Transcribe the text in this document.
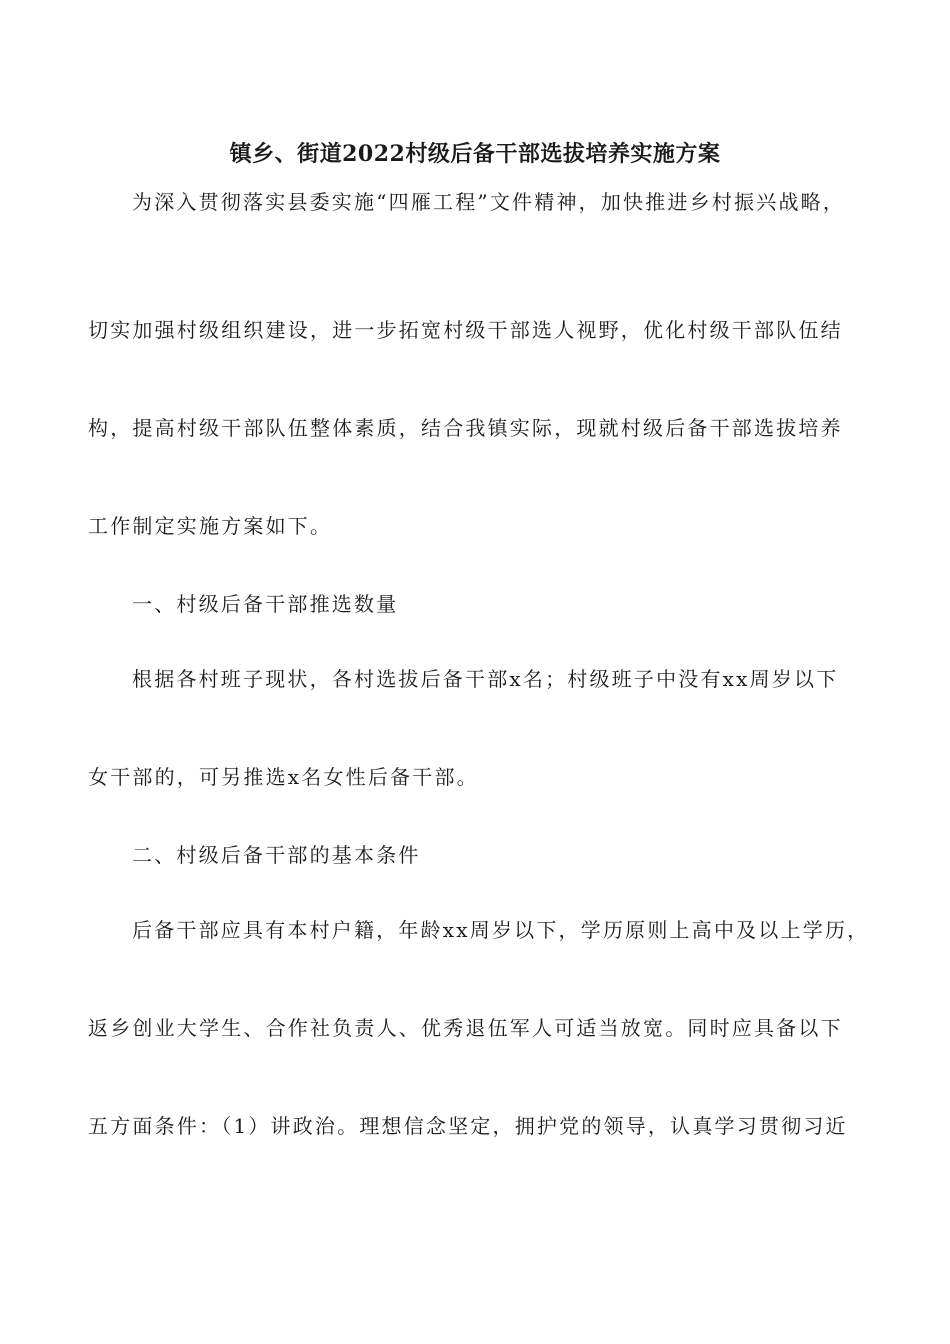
镇乡、街道2022村级后备干部选拔培养实施方案
为深入贯彻落实县委实施“四雁工程”文件精神，加快推进乡村振兴战略，
切实加强村级组织建设，进一步拓宽村级干部选人视野，优化村级干部队伍结
构，提高村级干部队伍整体素质，结合我镇实际，现就村级后备干部选拔培养
工作制定实施方案如下。
一、村级后备干部推选数量
根据各村班子现状，各村选拔后备干部x名；村级班子中没有xx周岁以下
女干部的，可另推选x名女性后备干部。
二、村级后备干部的基本条件
后备干部应具有本村户籍，年龄xx周岁以下，学历原则上高中及以上学历，
返乡创业大学生、合作社负责人、优秀退伍军人可适当放宽。同时应具备以下
五方面条件：（1）讲政治。理想信念坚定，拥护党的领导，认真学习贯彻习近
